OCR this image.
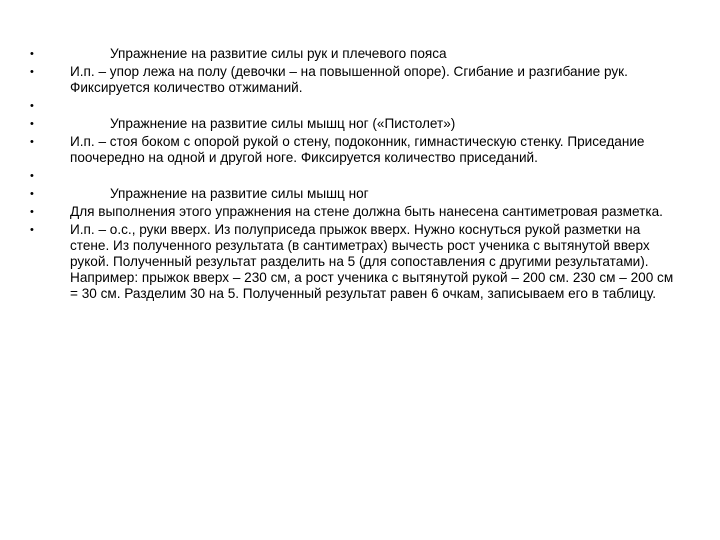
•	Упражнение на развитие силы рук и плечевого пояса
•	И.п. – упор лежа на полу (девочки – на повышенной опоре). Сгибание и разгибание рук. Фиксируется количество отжиманий.
•
•	Упражнение на развитие силы мышц ног («Пистолет»)
•	И.п. – стоя боком с опорой рукой о стену, подоконник, гимнастическую стенку. Приседание поочередно на одной и другой ноге. Фиксируется количество приседаний.
•
•	Упражнение на развитие силы мышц ног
•	Для выполнения этого упражнения на стене должна быть нанесена сантиметровая разметка.
•	И.п. – о.с., руки вверх. Из полуприседа прыжок вверх. Нужно коснуться рукой разметки на стене. Из полученного результата (в сантиметрах) вычесть рост ученика с вытянутой вверх рукой. Полученный результат разделить на 5 (для сопоставления с другими результатами). Например: прыжок вверх – 230 см, а рост ученика с вытянутой рукой – 200 см. 230 см – 200 см = 30 см. Разделим 30 на 5. Полученный результат равен 6 очкам, записываем его в таблицу.
